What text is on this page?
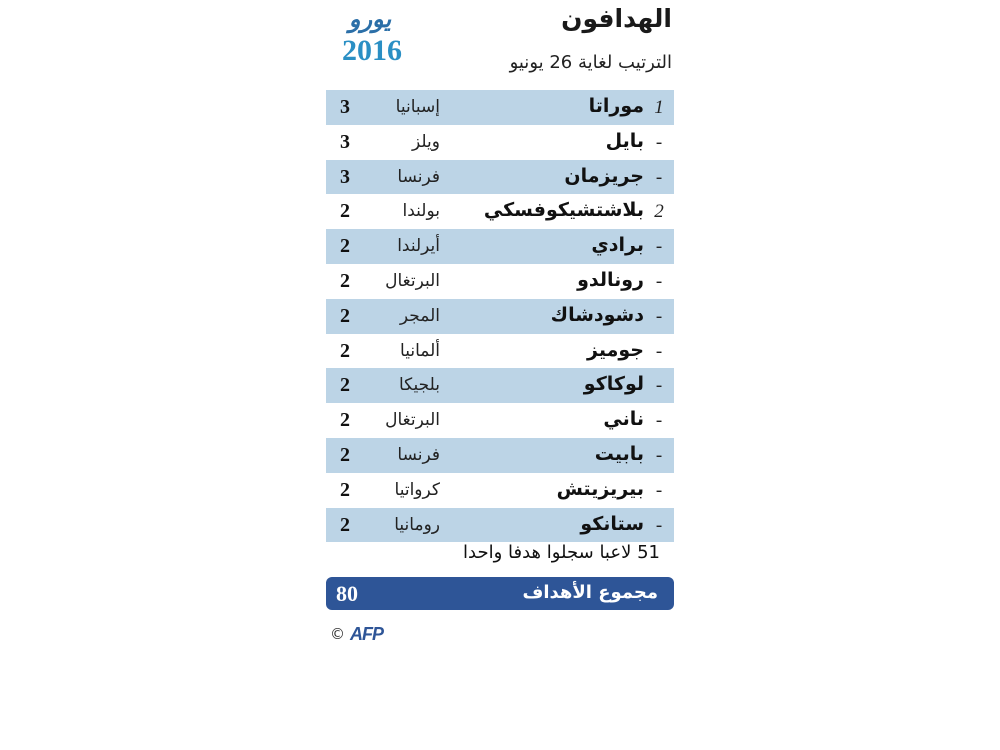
الهدافون
الترتيب لغاية 26 يونيو
يورو
2016
1
موراتا
إسبانيا
3
-
بايل
ويلز
3
-
جريزمان
فرنسا
3
2
بلاشتشيكوفسكي
بولندا
2
-
برادي
أيرلندا
2
-
رونالدو
البرتغال
2
-
دشودشاك
المجر
2
-
جوميز
ألمانيا
2
-
لوكاكو
بلجيكا
2
-
ناني
البرتغال
2
-
بابيت
فرنسا
2
-
بيريزيتش
كرواتيا
2
-
ستانكو
رومانيا
2
51 لاعبا سجلوا هدفا واحدا
مجموع الأهداف
80
© AFP
